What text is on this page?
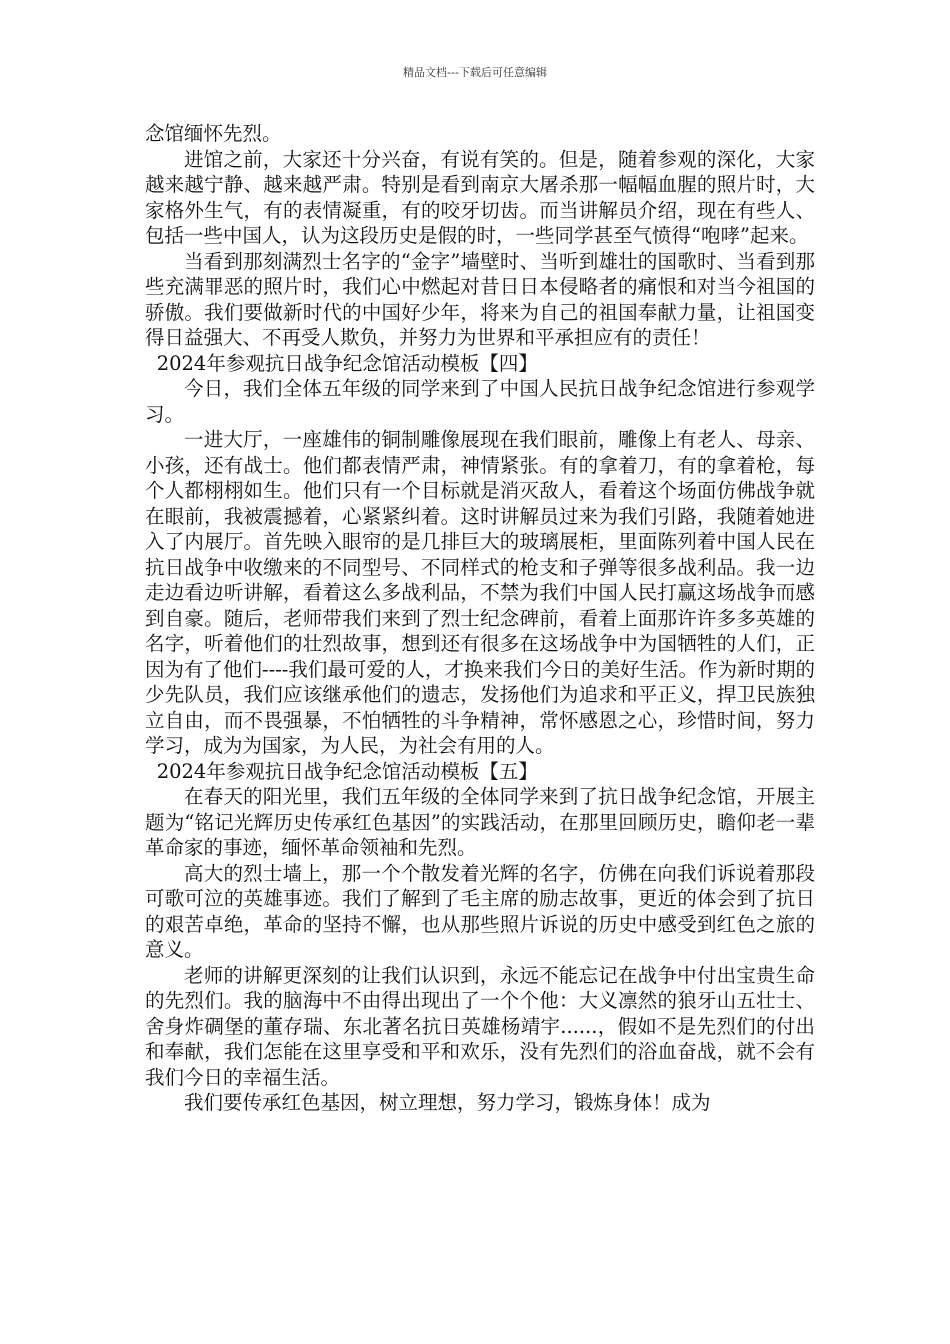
精品文档---下载后可任意编辑

念馆缅怀先烈。

进馆之前，大家还十分兴奋，有说有笑的。但是，随着参观的深化，大家越来越宁静、越来越严肃。特别是看到南京大屠杀那一幅幅血腥的照片时，大家格外生气，有的表情凝重，有的咬牙切齿。而当讲解员介绍，现在有些人、包括一些中国人，认为这段历史是假的时，一些同学甚至气愤得“咆哮”起来。

当看到那刻满烈士名字的“金字”墙壁时、当听到雄壮的国歌时、当看到那些充满罪恶的照片时，我们心中燃起对昔日日本侵略者的痛恨和对当今祖国的骄傲。我们要做新时代的中国好少年，将来为自己的祖国奉献力量，让祖国变得日益强大、不再受人欺负，并努力为世界和平承担应有的责任！

2024年参观抗日战争纪念馆活动模板【四】

今日，我们全体五年级的同学来到了中国人民抗日战争纪念馆进行参观学习。

一进大厅，一座雄伟的铜制雕像展现在我们眼前，雕像上有老人、母亲、小孩，还有战士。他们都表情严肃，神情紧张。有的拿着刀，有的拿着枪，每个人都栩栩如生。他们只有一个目标就是消灭敌人，看着这个场面仿佛战争就在眼前，我被震撼着，心紧紧纠着。这时讲解员过来为我们引路，我随着她进入了内展厅。首先映入眼帘的是几排巨大的玻璃展柜，里面陈列着中国人民在抗日战争中收缴来的不同型号、不同样式的枪支和子弹等很多战利品。我一边走边看边听讲解，看着这么多战利品，不禁为我们中国人民打赢这场战争而感到自豪。随后，老师带我们来到了烈士纪念碑前，看着上面那许许多多英雄的名字，听着他们的壮烈故事，想到还有很多在这场战争中为国牺牲的人们，正因为有了他们----我们最可爱的人，才换来我们今日的美好生活。作为新时期的少先队员，我们应该继承他们的遗志，发扬他们为追求和平正义，捍卫民族独立自由，而不畏强暴，不怕牺牲的斗争精神，常怀感恩之心，珍惜时间，努力学习，成为为国家，为人民，为社会有用的人。

2024年参观抗日战争纪念馆活动模板【五】

在春天的阳光里，我们五年级的全体同学来到了抗日战争纪念馆，开展主题为“铭记光辉历史传承红色基因”的实践活动，在那里回顾历史，瞻仰老一辈革命家的事迹，缅怀革命领袖和先烈。

高大的烈士墙上，那一个个散发着光辉的名字，仿佛在向我们诉说着那段可歌可泣的英雄事迹。我们了解到了毛主席的励志故事，更近的体会到了抗日的艰苦卓绝，革命的坚持不懈，也从那些照片诉说的历史中感受到红色之旅的意义。

老师的讲解更深刻的让我们认识到，永远不能忘记在战争中付出宝贵生命的先烈们。我的脑海中不由得出现出了一个个他：大义凛然的狼牙山五壮士、舍身炸碉堡的董存瑞、东北著名抗日英雄杨靖宇......，假如不是先烈们的付出和奉献，我们怎能在这里享受和平和欢乐，没有先烈们的浴血奋战，就不会有我们今日的幸福生活。

我们要传承红色基因，树立理想，努力学习，锻炼身体！成为
